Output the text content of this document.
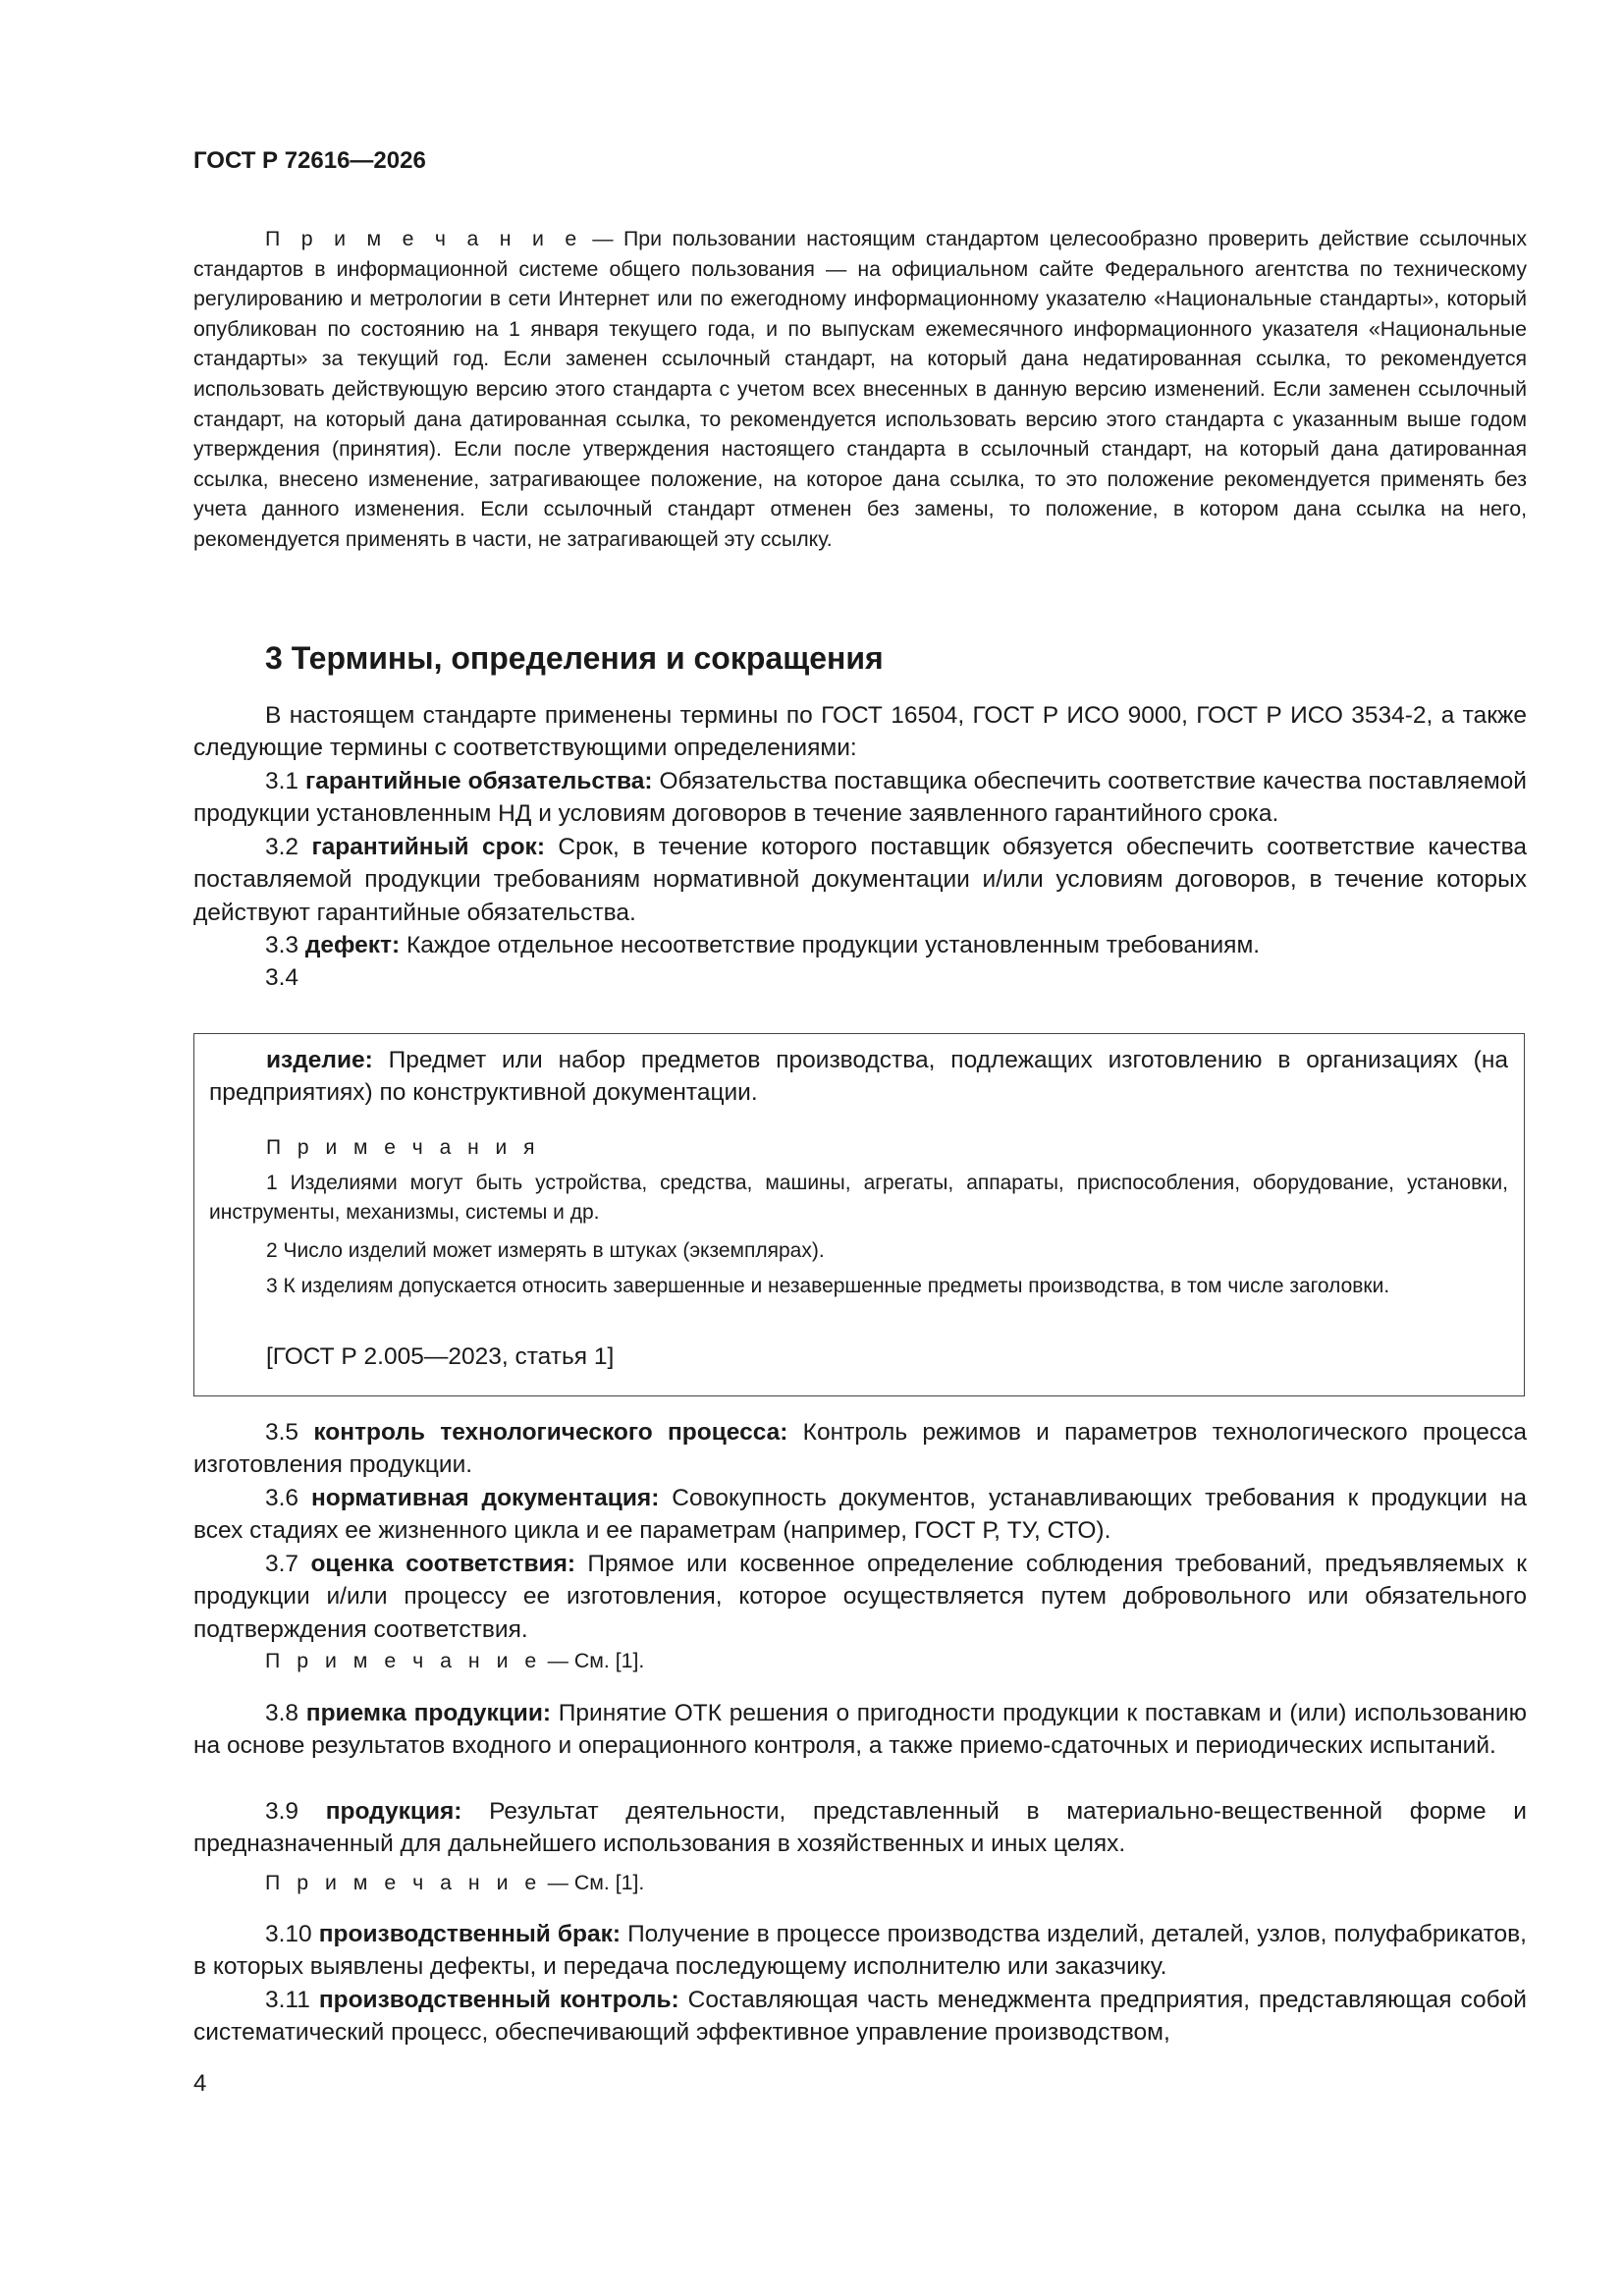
ГОСТ Р 72616—2026

П р и м е ч а н и е — При пользовании настоящим стандартом целесообразно проверить действие ссылочных стандартов в информационной системе общего пользования — на официальном сайте Федерального агентства по техническому регулированию и метрологии в сети Интернет или по ежегодному информационному указателю «Национальные стандарты», который опубликован по состоянию на 1 января текущего года, и по выпускам ежемесячного информационного указателя «Национальные стандарты» за текущий год. Если заменен ссылочный стандарт, на который дана недатированная ссылка, то рекомендуется использовать действующую версию этого стандарта с учетом всех внесенных в данную версию изменений. Если заменен ссылочный стандарт, на который дана датированная ссылка, то рекомендуется использовать версию этого стандарта с указанным выше годом утверждения (принятия). Если после утверждения настоящего стандарта в ссылочный стандарт, на который дана датированная ссылка, внесено изменение, затрагивающее положение, на которое дана ссылка, то это положение рекомендуется применять без учета данного изменения. Если ссылочный стандарт отменен без замены, то положение, в котором дана ссылка на него, рекомендуется применять в части, не затрагивающей эту ссылку.

3 Термины, определения и сокращения

В настоящем стандарте применены термины по ГОСТ 16504, ГОСТ Р ИСО 9000, ГОСТ Р ИСО 3534-2, а также следующие термины с соответствующими определениями:

3.1 гарантийные обязательства: Обязательства поставщика обеспечить соответствие качества поставляемой продукции установленным НД и условиям договоров в течение заявленного гарантийного срока.

3.2 гарантийный срок: Срок, в течение которого поставщик обязуется обеспечить соответствие качества поставляемой продукции требованиям нормативной документации и/или условиям договоров, в течение которых действуют гарантийные обязательства.

3.3 дефект: Каждое отдельное несоответствие продукции установленным требованиям.

3.4

изделие: Предмет или набор предметов производства, подлежащих изготовлению в организациях (на предприятиях) по конструктивной документации.

П р и м е ч а н и я

1 Изделиями могут быть устройства, средства, машины, агрегаты, аппараты, приспособления, оборудование, установки, инструменты, механизмы, системы и др.

2 Число изделий может измерять в штуках (экземплярах).

3 К изделиям допускается относить завершенные и незавершенные предметы производства, в том числе заголовки.

[ГОСТ Р 2.005—2023, статья 1]

3.5 контроль технологического процесса: Контроль режимов и параметров технологического процесса изготовления продукции.

3.6 нормативная документация: Совокупность документов, устанавливающих требования к продукции на всех стадиях ее жизненного цикла и ее параметрам (например, ГОСТ Р, ТУ, СТО).

3.7 оценка соответствия: Прямое или косвенное определение соблюдения требований, предъявляемых к продукции и/или процессу ее изготовления, которое осуществляется путем добровольного или обязательного подтверждения соответствия.

П р и м е ч а н и е — См. [1].

3.8 приемка продукции: Принятие ОТК решения о пригодности продукции к поставкам и (или) использованию на основе результатов входного и операционного контроля, а также приемо-сдаточных и периодических испытаний.

3.9 продукция: Результат деятельности, представленный в материально-вещественной форме и предназначенный для дальнейшего использования в хозяйственных и иных целях.

П р и м е ч а н и е — См. [1].

3.10 производственный брак: Получение в процессе производства изделий, деталей, узлов, полуфабрикатов, в которых выявлены дефекты, и передача последующему исполнителю или заказчику.

3.11 производственный контроль: Составляющая часть менеджмента предприятия, представляющая собой систематический процесс, обеспечивающий эффективное управление производством,

4
